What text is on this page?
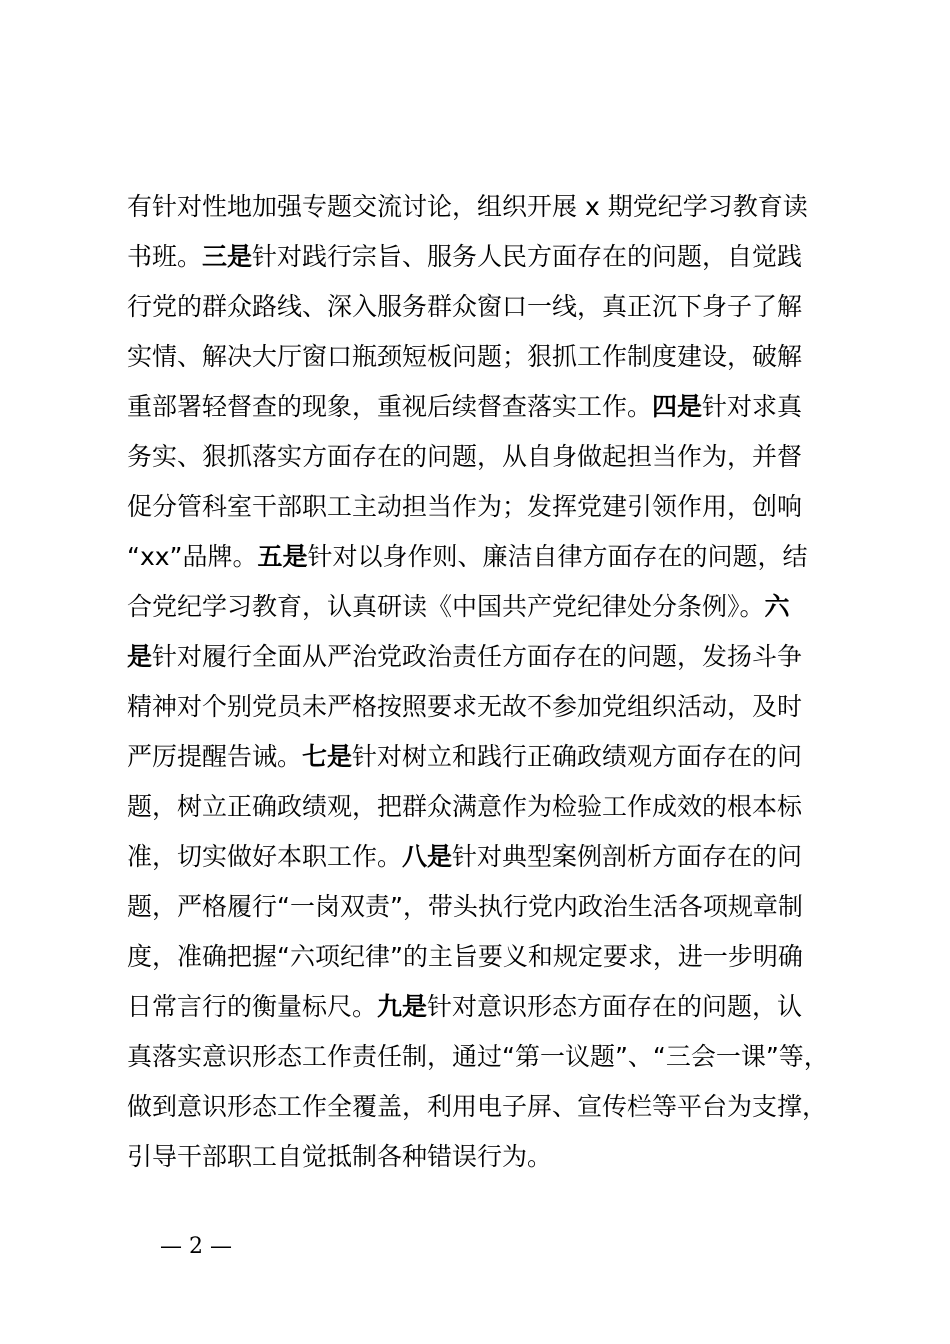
有针对性地加强专题交流讨论，组织开展 x 期党纪学习教育读
书班。三是针对践行宗旨、服务人民方面存在的问题，自觉践
行党的群众路线、深入服务群众窗口一线，真正沉下身子了解
实情、解决大厅窗口瓶颈短板问题；狠抓工作制度建设，破解
重部署轻督查的现象，重视后续督查落实工作。四是针对求真
务实、狠抓落实方面存在的问题，从自身做起担当作为，并督
促分管科室干部职工主动担当作为；发挥党建引领作用，创响
“xx”品牌。五是针对以身作则、廉洁自律方面存在的问题，结
合党纪学习教育，认真研读《中国共产党纪律处分条例》。六
是针对履行全面从严治党政治责任方面存在的问题，发扬斗争
精神对个别党员未严格按照要求无故不参加党组织活动，及时
严厉提醒告诫。七是针对树立和践行正确政绩观方面存在的问
题，树立正确政绩观，把群众满意作为检验工作成效的根本标
准，切实做好本职工作。八是针对典型案例剖析方面存在的问
题，严格履行“一岗双责”，带头执行党内政治生活各项规章制
度，准确把握“六项纪律”的主旨要义和规定要求，进一步明确
日常言行的衡量标尺。九是针对意识形态方面存在的问题，认
真落实意识形态工作责任制，通过“第一议题”、“三会一课”等，
做到意识形态工作全覆盖，利用电子屏、宣传栏等平台为支撑，
引导干部职工自觉抵制各种错误行为。
— 2 —
